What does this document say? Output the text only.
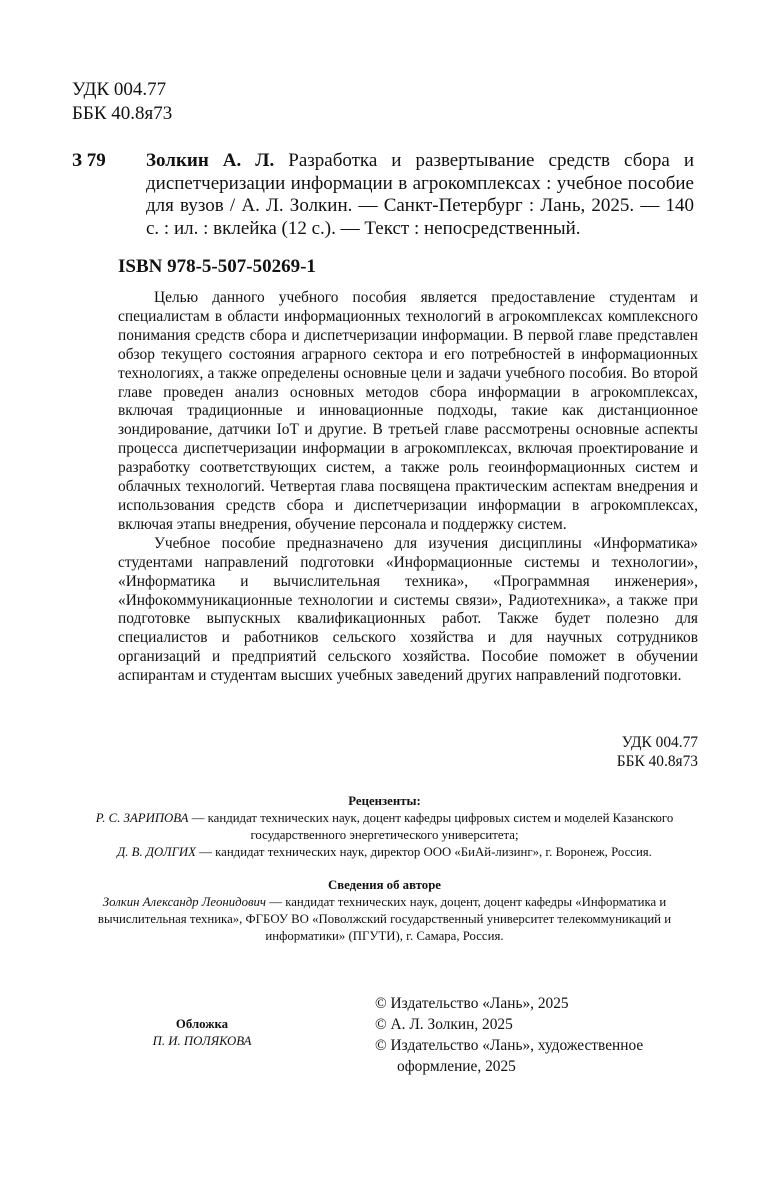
УДК 004.77
ББК 40.8я73
З 79 Золкин А. Л. Разработка и развертывание средств сбора и диспетчеризации информации в агрокомплексах : учебное пособие для вузов / А. Л. Золкин. — Санкт-Петербург : Лань, 2025. — 140 с. : ил. : вклейка (12 с.). — Текст : непосредственный.
ISBN 978-5-507-50269-1

Целью данного учебного пособия является предоставление студентам и специалистам в области информационных технологий в агрокомплексах комплексного понимания средств сбора и диспетчеризации информации. В первой главе представлен обзор текущего состояния аграрного сектора и его потребностей в информационных технологиях, а также определены основные цели и задачи учебного пособия. Во второй главе проведен анализ основных методов сбора информации в агрокомплексах, включая традиционные и инновационные подходы, такие как дистанционное зондирование, датчики IoT и другие. В третьей главе рассмотрены основные аспекты процесса диспетчеризации информации в агрокомплексах, включая проектирование и разработку соответствующих систем, а также роль геоинформационных систем и облачных технологий. Четвертая глава посвящена практическим аспектам внедрения и использования средств сбора и диспетчеризации информации в агрокомплексах, включая этапы внедрения, обучение персонала и поддержку систем.

Учебное пособие предназначено для изучения дисциплины «Информатика» студентами направлений подготовки «Информационные системы и технологии», «Информатика и вычислительная техника», «Программная инженерия», «Инфокоммуникационные технологии и системы связи», Радиотехника», а также при подготовке выпускных квалификационных работ. Также будет полезно для специалистов и работников сельского хозяйства и для научных сотрудников организаций и предприятий сельского хозяйства. Пособие поможет в обучении аспирантам и студентам высших учебных заведений других направлений подготовки.

УДК 004.77
ББК 40.8я73
Рецензенты:
Р. С. ЗАРИПОВА — кандидат технических наук, доцент кафедры цифровых систем и моделей Казанского государственного энергетического университета;
Д. В. ДОЛГИХ — кандидат технических наук, директор ООО «БиАй-лизинг», г. Воронеж, Россия.
Сведения об авторе
Золкин Александр Леонидович — кандидат технических наук, доцент, доцент кафедры «Информатика и вычислительная техника», ФГБОУ ВО «Поволжский государственный университет телекоммуникаций и информатики» (ПГУТИ), г. Самара, Россия.
Обложка
П. И. ПОЛЯКОВА
© Издательство «Лань», 2025
© А. Л. Золкин, 2025
© Издательство «Лань», художественное оформление, 2025
